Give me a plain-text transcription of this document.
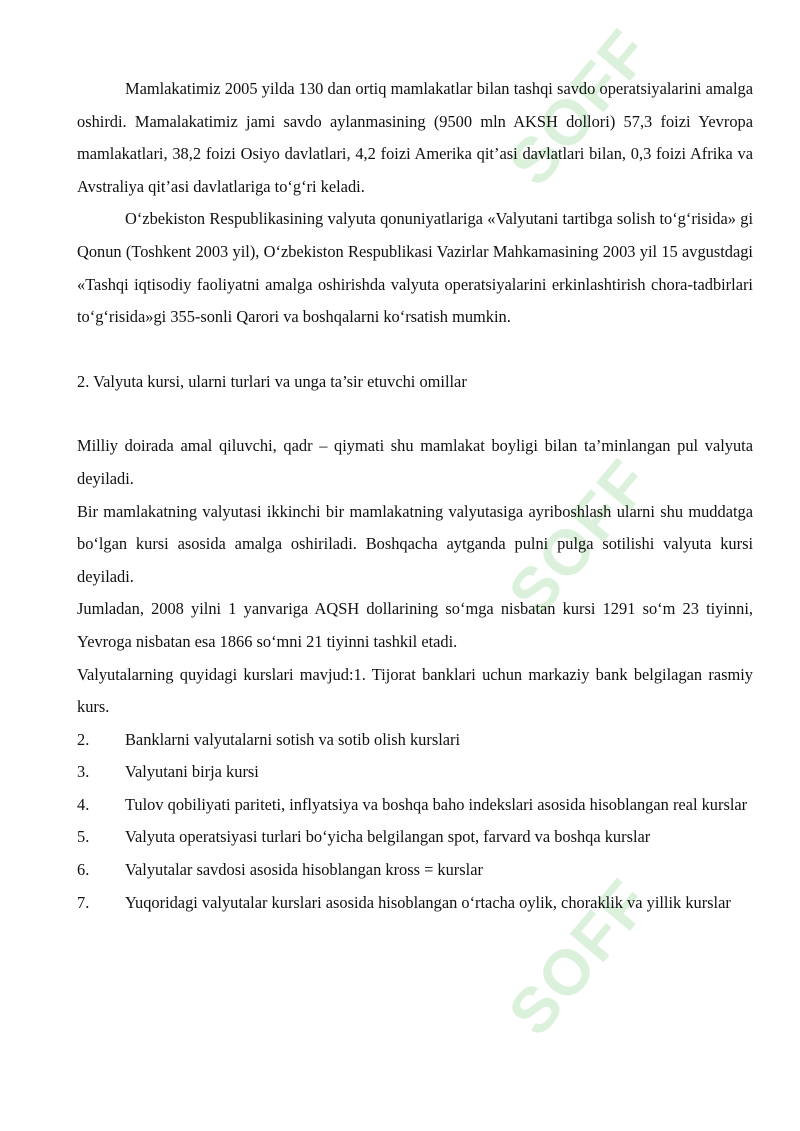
SOFF
SOFF
SOFF

Mamlakatimiz 2005 yilda 130 dan ortiq mamlakatlar bilan tashqi savdo operatsiyalarini amalga oshirdi. Mamalakatimiz jami savdo aylanmasining (9500 mln AKSH dollori) 57,3 foizi Yevropa mamlakatlari, 38,2 foizi Osiyo davlatlari, 4,2 foizi Amerika qit’asi davlatlari bilan, 0,3 foizi Afrika va Avstraliya qit’asi davlatlariga to‘g‘ri keladi.

O‘zbekiston Respublikasining valyuta qonuniyatlariga «Valyutani tartibga solish to‘g‘risida» gi Qonun (Toshkent 2003 yil), O‘zbekiston Respublikasi Vazirlar Mahkamasining 2003 yil 15 avgustdagi «Tashqi iqtisodiy faoliyatni amalga oshirishda valyuta operatsiyalarini erkinlashtirish chora-tadbirlari to‘g‘risida»gi 355-sonli Qarori va boshqalarni ko‘rsatish mumkin.

2. Valyuta kursi, ularni turlari va unga ta’sir etuvchi omillar

Milliy doirada amal qiluvchi, qadr – qiymati shu mamlakat boyligi bilan ta’minlangan pul valyuta deyiladi.

Bir mamlakatning valyutasi ikkinchi bir mamlakatning valyutasiga ayriboshlash ularni shu muddatga bo‘lgan kursi asosida amalga oshiriladi. Boshqacha aytganda pulni pulga sotilishi valyuta kursi deyiladi.

Jumladan, 2008 yilni 1 yanvariga AQSH dollarining so‘mga nisbatan kursi 1291 so‘m 23 tiyinni, Yevroga nisbatan esa 1866 so‘mni 21 tiyinni tashkil etadi.

Valyutalarning quyidagi kurslari mavjud:1. Tijorat banklari uchun markaziy bank belgilagan rasmiy kurs.

2. Banklarni valyutalarni sotish va sotib olish kurslari

3. Valyutani birja kursi

4. Tulov qobiliyati pariteti, inflyatsiya va boshqa baho indekslari asosida hisoblangan real kurslar

5. Valyuta operatsiyasi turlari bo‘yicha belgilangan spot, farvard va boshqa kurslar

6. Valyutalar savdosi asosida hisoblangan kross = kurslar

7. Yuqoridagi valyutalar kurslari asosida hisoblangan o‘rtacha oylik, choraklik va yillik kurslar
